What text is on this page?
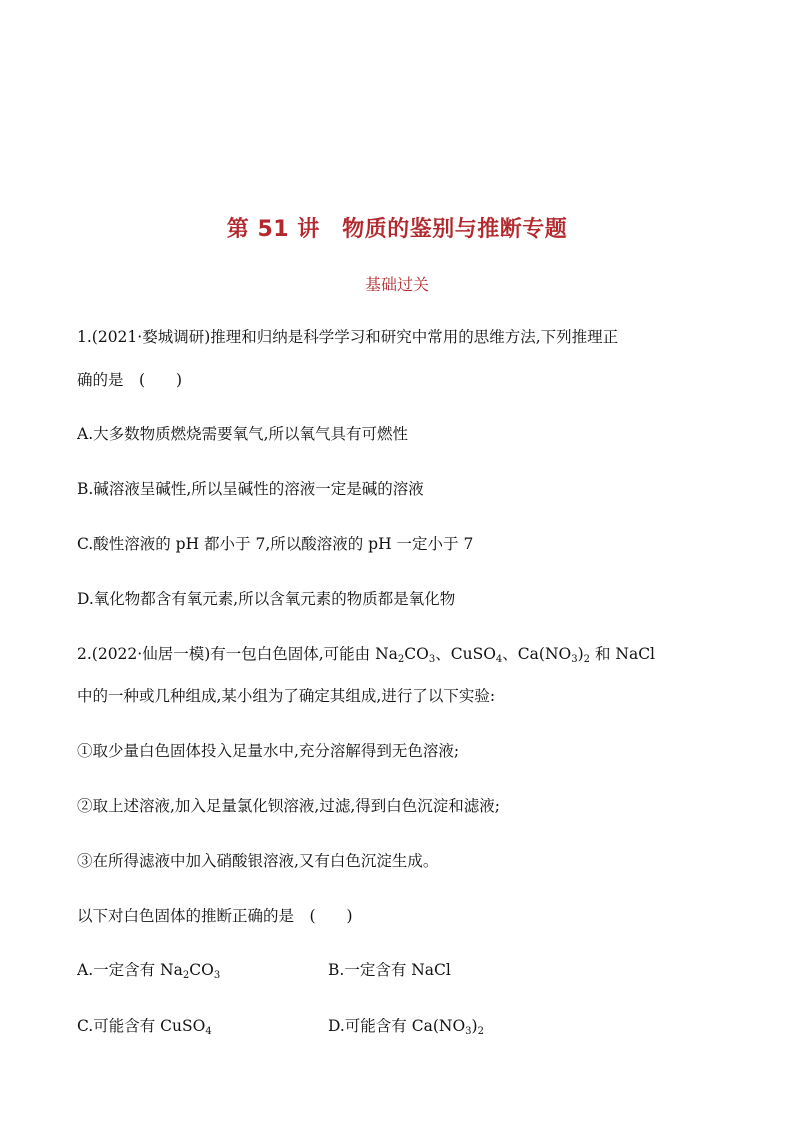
第 51 讲　物质的鉴别与推断专题
基础过关
1.(2021·婺城调研)推理和归纳是科学学习和研究中常用的思维方法,下列推理正
确的是　(　　)
A.大多数物质燃烧需要氧气,所以氧气具有可燃性
B.碱溶液呈碱性,所以呈碱性的溶液一定是碱的溶液
C.酸性溶液的 pH 都小于 7,所以酸溶液的 pH 一定小于 7
D.氧化物都含有氧元素,所以含氧元素的物质都是氧化物
2.(2022·仙居一模)有一包白色固体,可能由 $Na_2CO_3$、CuSO$_4$、$Ca(NO_3)_2$ 和 NaCl
中的一种或几种组成,某小组为了确定其组成,进行了以下实验:
①取少量白色固体投入足量水中,充分溶解得到无色溶液;
②取上述溶液,加入足量氯化钡溶液,过滤,得到白色沉淀和滤液;
③在所得滤液中加入硝酸银溶液,又有白色沉淀生成。
以下对白色固体的推断正确的是　(　　)
A.一定含有 $Na_2CO_3$	B.一定含有 NaCl
C.可能含有 CuSO$_4$	D.可能含有 $Ca(NO_3)_2$
